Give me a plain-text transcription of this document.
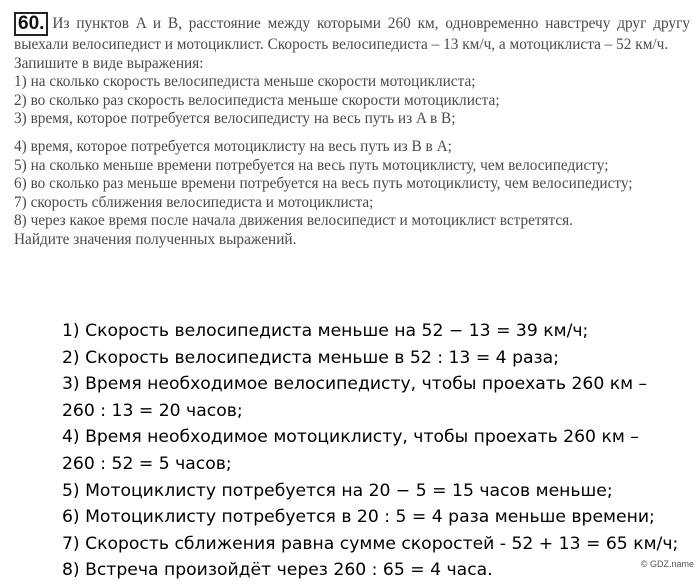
60. Из пунктов A и B, расстояние между которыми 260 км, одновременно навстречу друг другу выехали велосипедист и мотоциклист. Скорость велосипедиста – 13 км/ч, а мотоциклиста – 52 км/ч.

Запишите в виде выражения:

1) на сколько скорость велосипедиста меньше скорости мотоциклиста;

2) во сколько раз скорость велосипедиста меньше скорости мотоциклиста;

3) время, которое потребуется велосипедисту на весь путь из A в B;

4) время, которое потребуется мотоциклисту на весь путь из B в A;

5) на сколько меньше времени потребуется на весь путь мотоциклисту, чем велосипедисту;

6) во сколько раз меньше времени потребуется на весь путь мотоциклисту, чем велосипедисту;

7) скорость сближения велосипедиста и мотоциклиста;

8) через какое время после начала движения велосипедист и мотоциклист встретятся.

Найдите значения полученных выражений.

1) Скорость велосипедиста меньше на 52 − 13 = 39 км/ч;

2) Скорость велосипедиста меньше в 52 : 13 = 4 раза;

3) Время необходимое велосипедисту, чтобы проехать 260 км –

260 : 13 = 20 часов;

4) Время необходимое мотоциклисту, чтобы проехать 260 км –

260 : 52 = 5 часов;

5) Мотоциклисту потребуется на 20 − 5 = 15 часов меньше;

6) Мотоциклисту потребуется в 20 : 5 = 4 раза меньше времени;

7) Скорость сближения равна сумме скоростей - 52 + 13 = 65 км/ч;

8) Встреча произойдёт через 260 : 65 = 4 часа.	© GDZ.name
